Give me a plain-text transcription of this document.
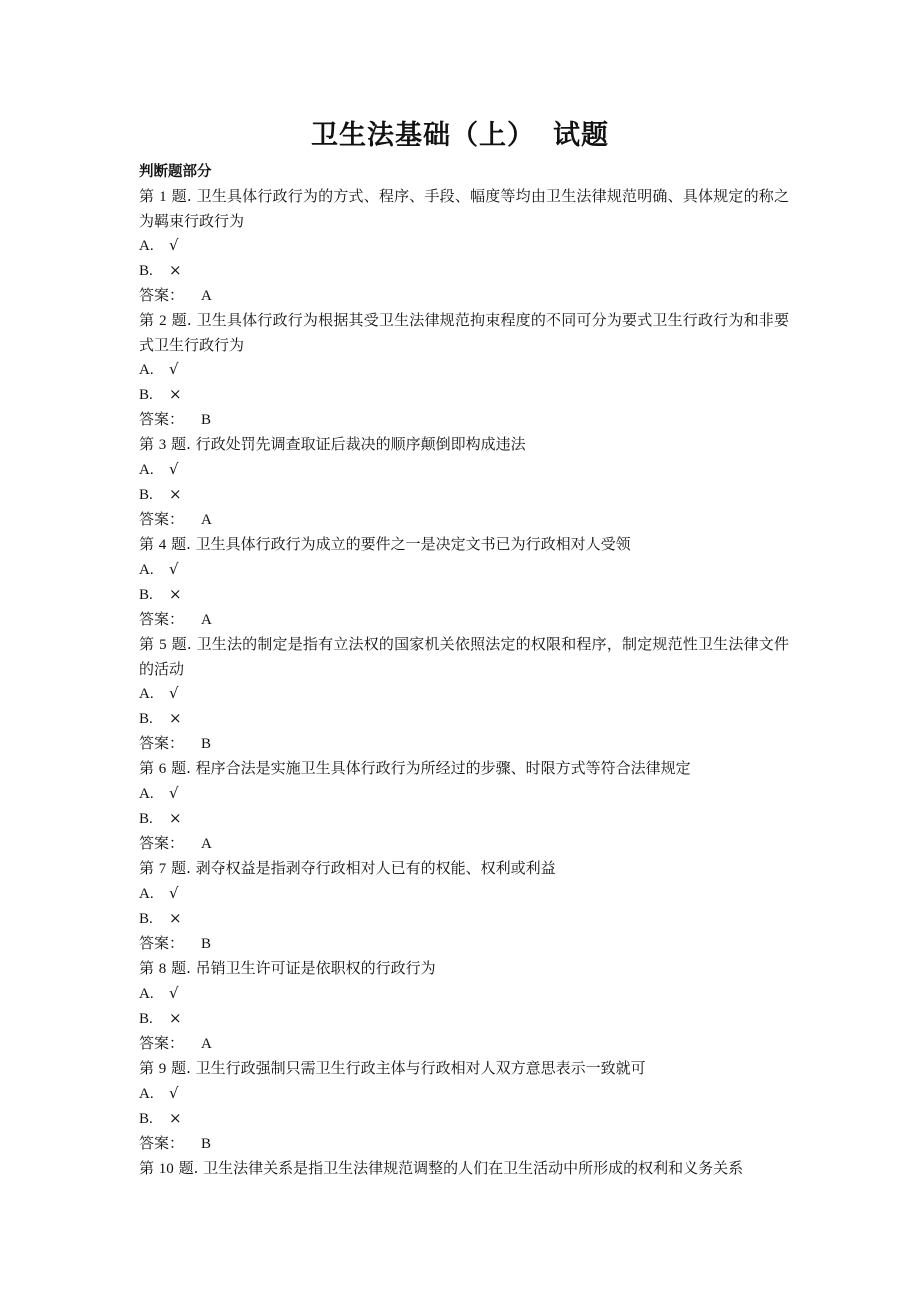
卫生法基础（上） 试题
判断题部分
第 1 题. 卫生具体行政行为的方式、程序、手段、幅度等均由卫生法律规范明确、具体规定的称之为羁束行政行为
A. √
B. ×
答案： A
第 2 题. 卫生具体行政行为根据其受卫生法律规范拘束程度的不同可分为要式卫生行政行为和非要式卫生行政行为
A. √
B. ×
答案： B
第 3 题. 行政处罚先调查取证后裁决的顺序颠倒即构成违法
A. √
B. ×
答案： A
第 4 题. 卫生具体行政行为成立的要件之一是决定文书已为行政相对人受领
A. √
B. ×
答案： A
第 5 题. 卫生法的制定是指有立法权的国家机关依照法定的权限和程序，制定规范性卫生法律文件的活动
A. √
B. ×
答案： B
第 6 题. 程序合法是实施卫生具体行政行为所经过的步骤、时限方式等符合法律规定
A. √
B. ×
答案： A
第 7 题. 剥夺权益是指剥夺行政相对人已有的权能、权利或利益
A. √
B. ×
答案： B
第 8 题. 吊销卫生许可证是依职权的行政行为
A. √
B. ×
答案： A
第 9 题. 卫生行政强制只需卫生行政主体与行政相对人双方意思表示一致就可
A. √
B. ×
答案： B
第 10 题. 卫生法律关系是指卫生法律规范调整的人们在卫生活动中所形成的权利和义务关系
